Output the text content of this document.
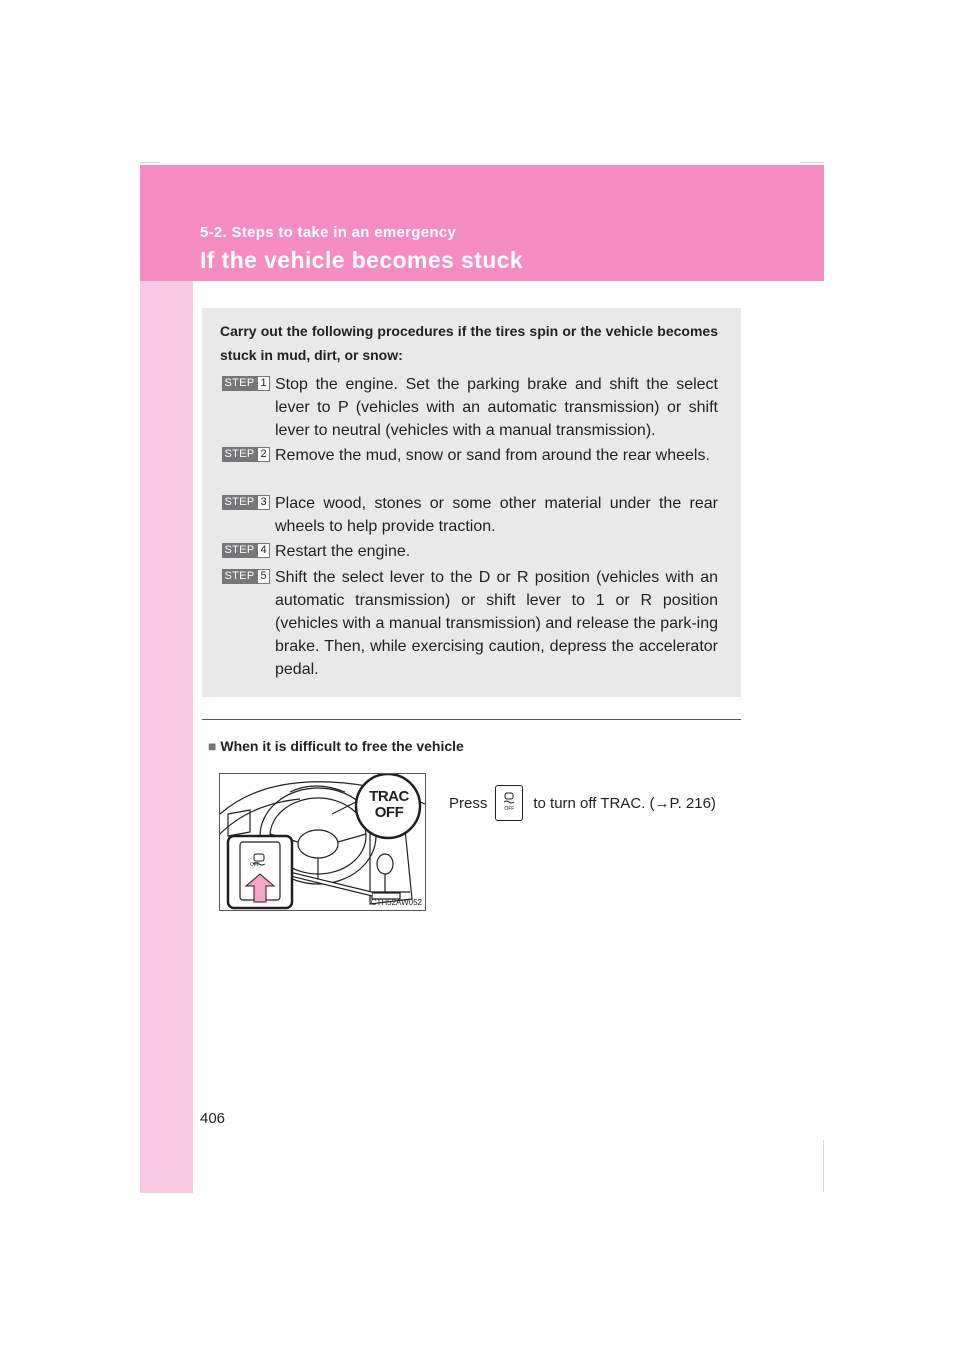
5-2. Steps to take in an emergency
If the vehicle becomes stuck
Carry out the following procedures if the tires spin or the vehicle becomes stuck in mud, dirt, or snow:
STEP 1 Stop the engine. Set the parking brake and shift the select lever to P (vehicles with an automatic transmission) or shift lever to neutral (vehicles with a manual transmission).
STEP 2 Remove the mud, snow or sand from around the rear wheels.
STEP 3 Place wood, stones or some other material under the rear wheels to help provide traction.
STEP 4 Restart the engine.
STEP 5 Shift the select lever to the D or R position (vehicles with an automatic transmission) or shift lever to 1 or R position (vehicles with a manual transmission) and release the park-ing brake. Then, while exercising caution, depress the accelerator pedal.
■ When it is difficult to free the vehicle
TRAC
OFF
OFF
CTH52AW052
Press	OFF	to turn off TRAC. (→P. 216)
406
